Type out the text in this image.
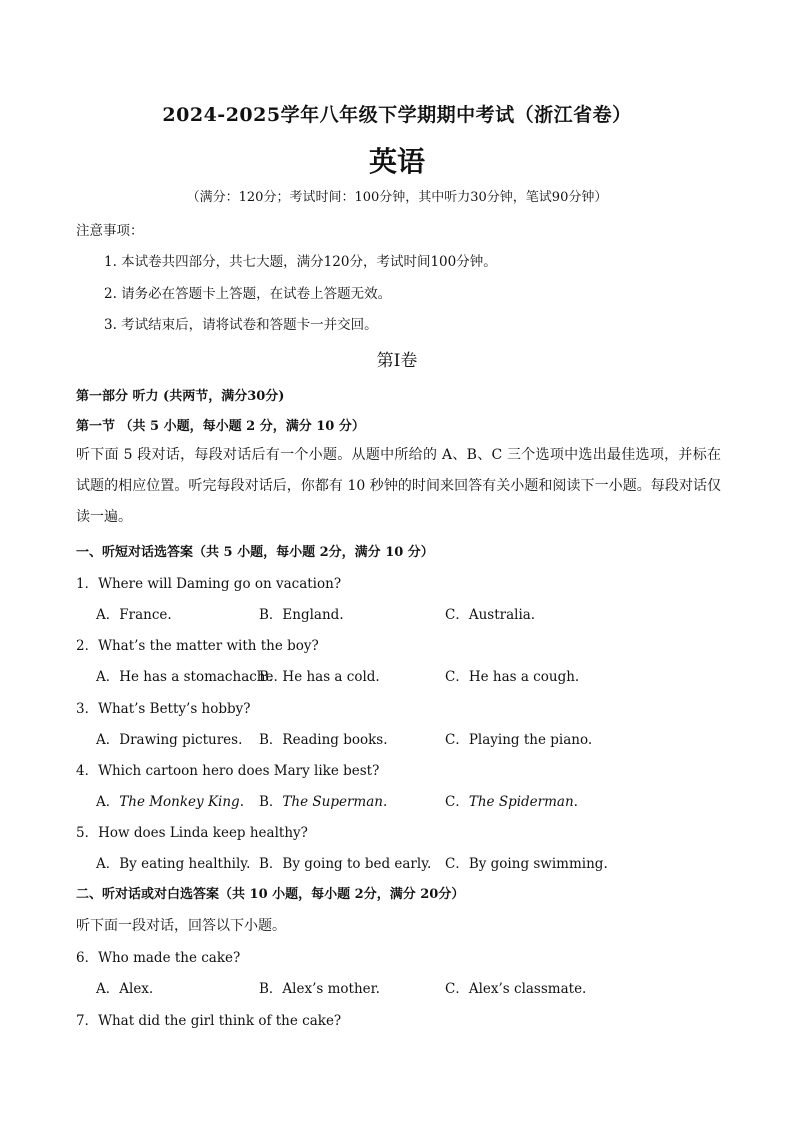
2024-2025学年八年级下学期期中考试（浙江省卷）
英语
（满分：120分；考试时间：100分钟，其中听力30分钟，笔试90分钟）
注意事项：
1. 本试卷共四部分，共七大题，满分120分，考试时间100分钟。
2. 请务必在答题卡上答题，在试卷上答题无效。
3. 考试结束后，请将试卷和答题卡一并交回。
第Ⅰ卷
第一部分 听力 (共两节，满分30分)
第一节 （共 5 小题，每小题 2 分，满分 10 分）
听下面 5 段对话，每段对话后有一个小题。从题中所给的 A、B、C 三个选项中选出最佳选项，并标在试题的相应位置。听完每段对话后，你都有 10 秒钟的时间来回答有关小题和阅读下一小题。每段对话仅读一遍。
一、听短对话选答案（共 5 小题，每小题 2分，满分 10 分）
1．Where will Daming go on vacation?
A．France.	B．England.	C．Australia.
2．What’s the matter with the boy?
A．He has a stomachache.
B．He has a cold.	C．He has a cough.
3．What’s Betty’s hobby?
A．Drawing pictures. B．Reading books.	C．Playing the piano.
4．Which cartoon hero does Mary like best?
A．The Monkey King. B．The Superman.	C．The Spiderman.
5．How does Linda keep healthy?
A．By eating healthily. B．By going to bed early. C．By going swimming.
二、听对话或对白选答案（共 10 小题，每小题 2分，满分 20分）
听下面一段对话，回答以下小题。
6．Who made the cake?
A．Alex.	B．Alex’s mother.	C．Alex’s classmate.
7．What did the girl think of the cake?
